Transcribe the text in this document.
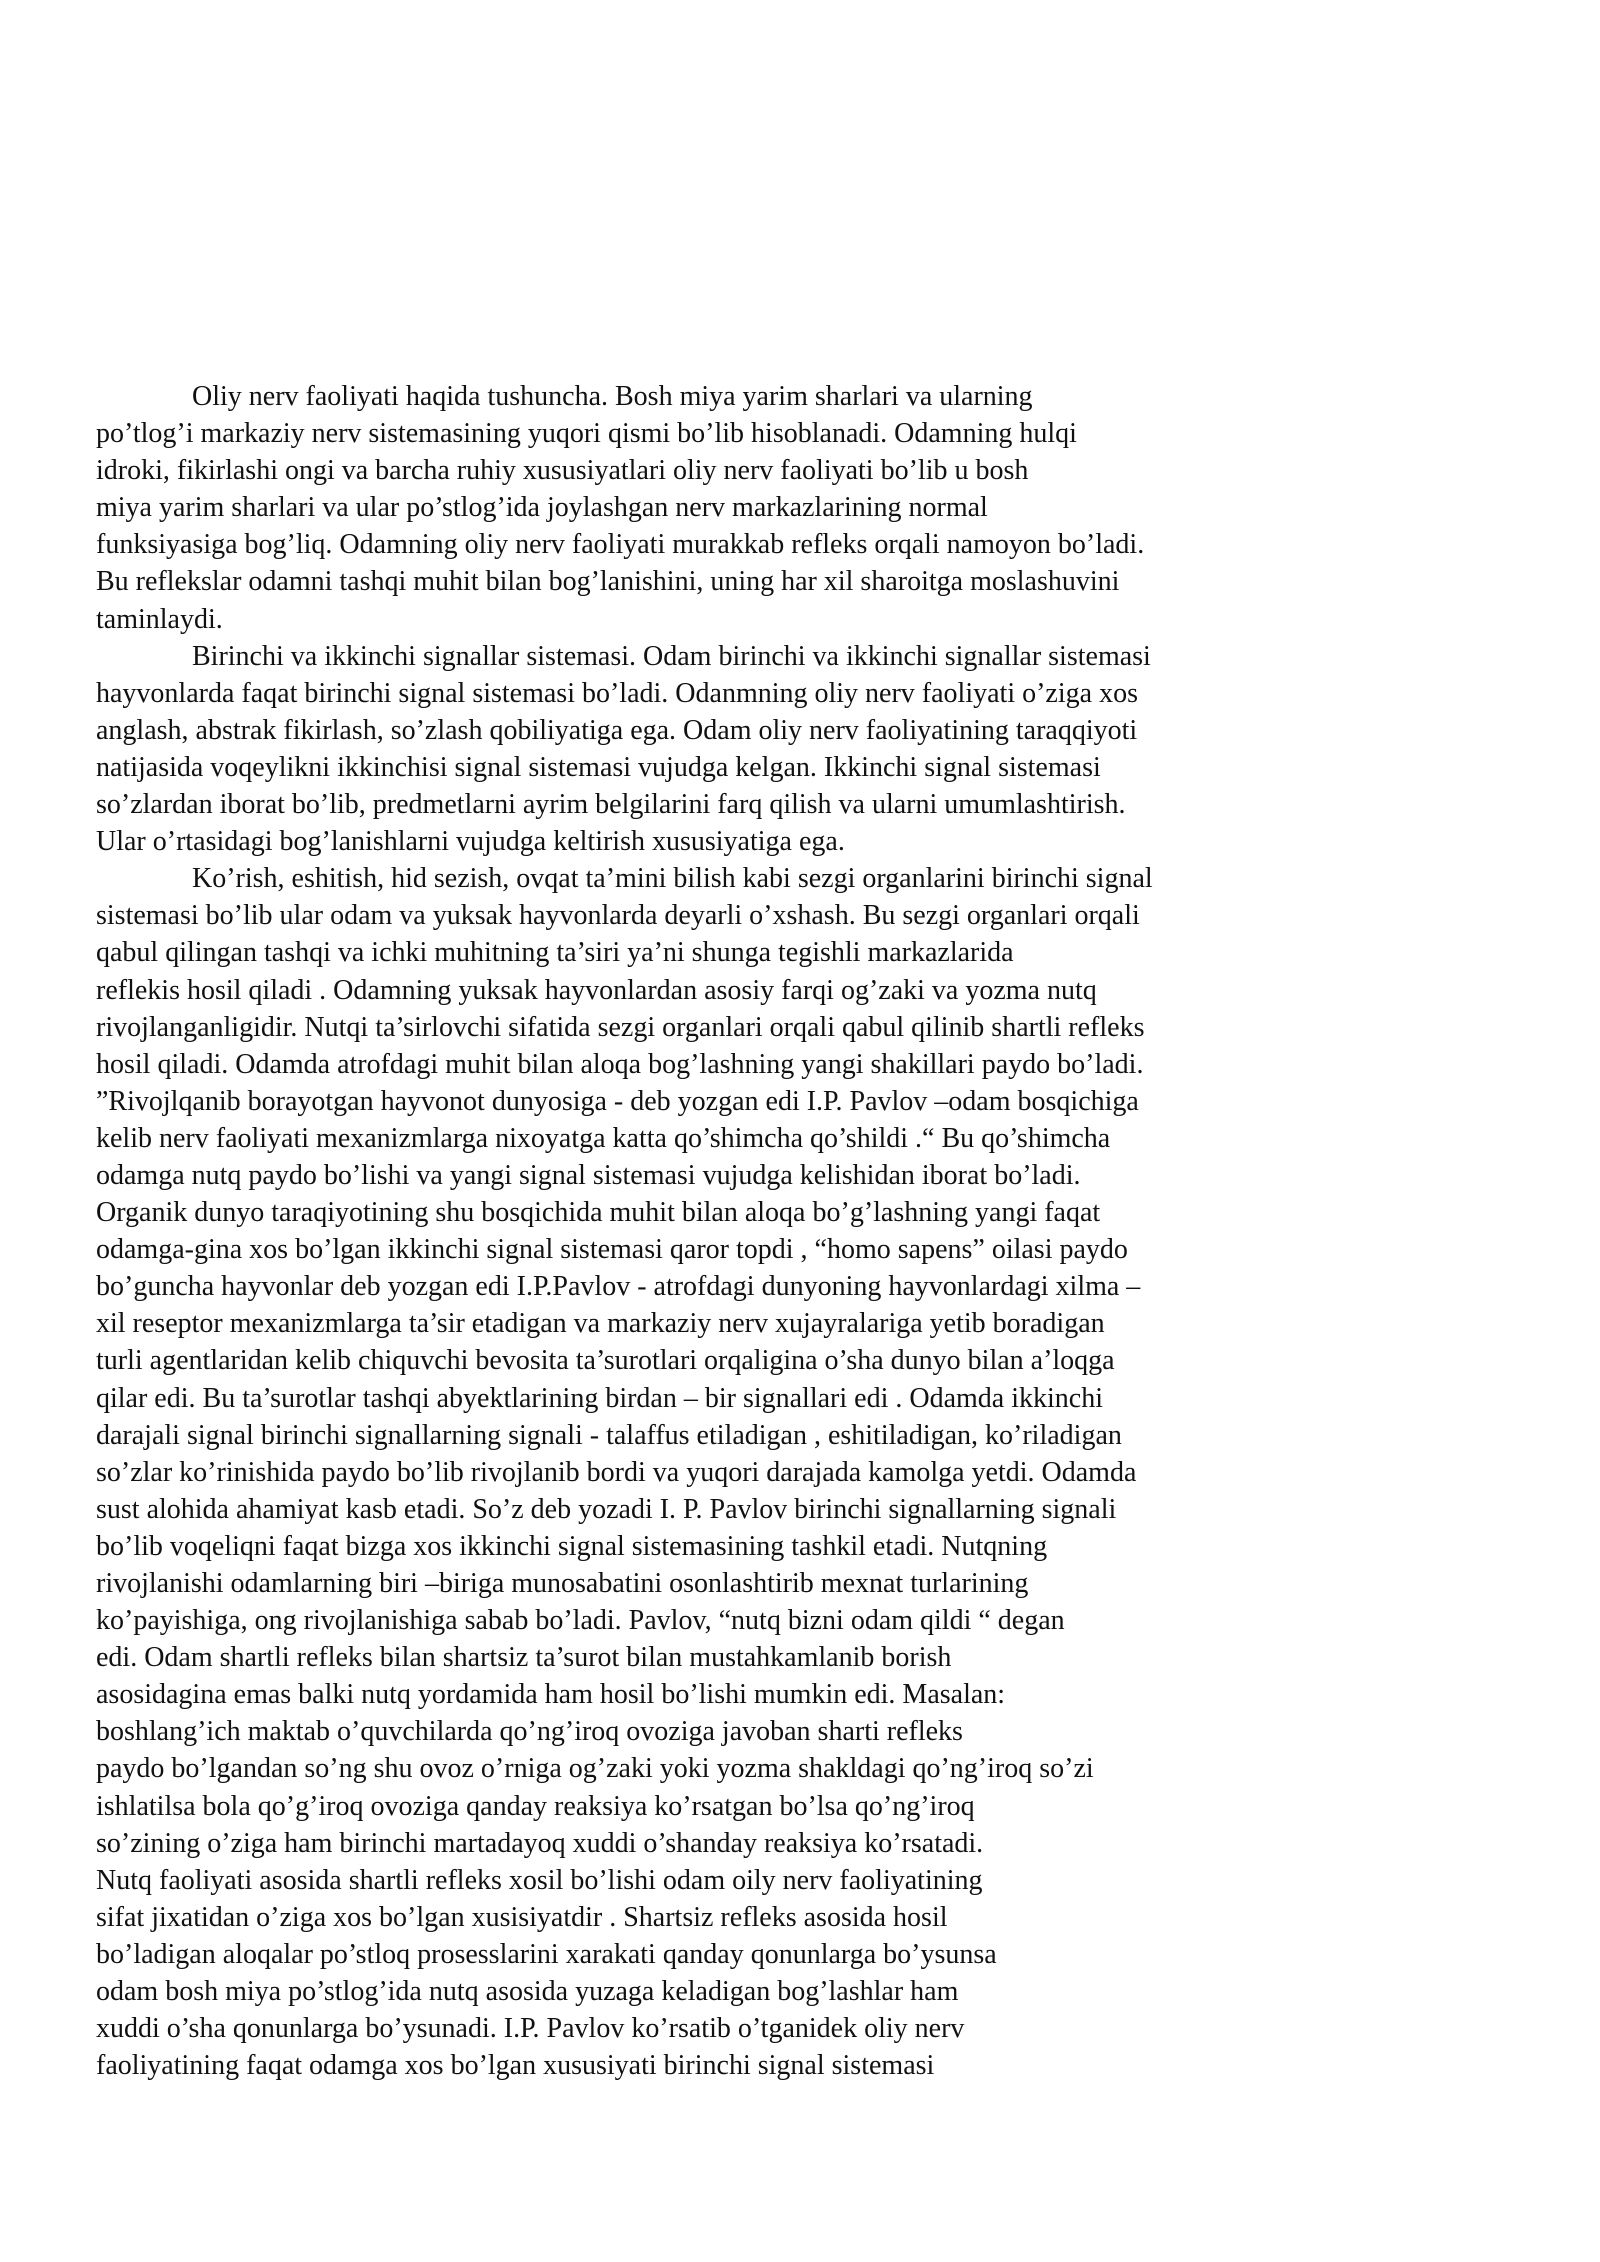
Oliy nerv faoliyati haqida tushuncha. Bosh miya yarim sharlari va ularning
po’tlog’i markaziy nerv sistemasining yuqori qismi bo’lib hisoblanadi. Odamning hulqi
idroki, fikirlashi ongi va barcha ruhiy xususiyatlari oliy nerv faoliyati bo’lib u bosh
miya yarim sharlari va ular po’stlog’ida joylashgan nerv markazlarining normal
funksiyasiga bog’liq. Odamning oliy nerv faoliyati murakkab refleks orqali namoyon bo’ladi.
Bu reflekslar odamni tashqi muhit bilan bog’lanishini, uning har xil sharoitga moslashuvini
taminlaydi.
Birinchi va ikkinchi signallar sistemasi. Odam birinchi va ikkinchi signallar sistemasi
hayvonlarda faqat birinchi signal sistemasi bo’ladi. Odanmning oliy nerv faoliyati o’ziga xos
anglash, abstrak fikirlash, so’zlash qobiliyatiga ega. Odam oliy nerv faoliyatining taraqqiyoti
natijasida voqeylikni ikkinchisi signal sistemasi vujudga kelgan. Ikkinchi signal sistemasi
so’zlardan iborat bo’lib, predmetlarni ayrim belgilarini farq qilish va ularni umumlashtirish.
Ular o’rtasidagi bog’lanishlarni vujudga keltirish xususiyatiga ega.
Ko’rish, eshitish, hid sezish, ovqat ta’mini bilish kabi sezgi organlarini birinchi signal
sistemasi bo’lib ular odam va yuksak hayvonlarda deyarli o’xshash. Bu sezgi organlari orqali
qabul qilingan tashqi va ichki muhitning ta’siri ya’ni shunga tegishli markazlarida
reflekis hosil qiladi . Odamning yuksak hayvonlardan asosiy farqi og’zaki va yozma nutq
rivojlanganligidir. Nutqi ta’sirlovchi sifatida sezgi organlari orqali qabul qilinib shartli refleks
hosil qiladi. Odamda atrofdagi muhit bilan aloqa bog’lashning yangi shakillari paydo bo’ladi.
”Rivojlqanib borayotgan hayvonot dunyosiga - deb yozgan edi I.P. Pavlov –odam bosqichiga
kelib nerv faoliyati mexanizmlarga nixoyatga katta qo’shimcha qo’shildi .“ Bu qo’shimcha
odamga nutq paydo bo’lishi va yangi signal sistemasi vujudga kelishidan iborat bo’ladi.
Organik dunyo taraqiyotining shu bosqichida muhit bilan aloqa bo’g’lashning yangi faqat
odamga-gina xos bo’lgan ikkinchi signal sistemasi qaror topdi , “homo sapens” oilasi paydo
bo’guncha hayvonlar deb yozgan edi I.P.Pavlov - atrofdagi dunyoning hayvonlardagi xilma –
xil reseptor mexanizmlarga ta’sir etadigan va markaziy nerv xujayralariga yetib boradigan
turli agentlaridan kelib chiquvchi bevosita ta’surotlari orqaligina o’sha dunyo bilan a’loqga
qilar edi. Bu ta’surotlar tashqi abyektlarining birdan – bir signallari edi . Odamda ikkinchi
darajali signal birinchi signallarning signali - talaffus etiladigan , eshitiladigan, ko’riladigan
so’zlar ko’rinishida paydo bo’lib rivojlanib bordi va yuqori darajada kamolga yetdi. Odamda
sust alohida ahamiyat kasb etadi. So’z deb yozadi I. P. Pavlov birinchi signallarning signali
bo’lib voqeliqni faqat bizga xos ikkinchi signal sistemasining tashkil etadi. Nutqning
rivojlanishi odamlarning biri –biriga munosabatini osonlashtirib mexnat turlarining
ko’payishiga, ong rivojlanishiga sabab bo’ladi. Pavlov, “nutq bizni odam qildi “ degan
edi. Odam shartli refleks bilan shartsiz ta’surot bilan mustahkamlanib borish
asosidagina emas balki nutq yordamida ham hosil bo’lishi mumkin edi. Masalan:
boshlang’ich maktab o’quvchilarda qo’ng’iroq ovoziga javoban sharti refleks
paydo bo’lgandan so’ng shu ovoz o’rniga og’zaki yoki yozma shakldagi qo’ng’iroq so’zi
ishlatilsa bola qo’g’iroq ovoziga qanday reaksiya ko’rsatgan bo’lsa qo’ng’iroq
so’zining o’ziga ham birinchi martadayoq xuddi o’shanday reaksiya ko’rsatadi.
Nutq faoliyati asosida shartli refleks xosil bo’lishi odam oily nerv faoliyatining
sifat jixatidan o’ziga xos bo’lgan xusisiyatdir . Shartsiz refleks asosida hosil
bo’ladigan aloqalar po’stloq prosesslarini xarakati qanday qonunlarga bo’ysunsa
odam bosh miya po’stlog’ida nutq asosida yuzaga keladigan bog’lashlar ham
xuddi o’sha qonunlarga bo’ysunadi. I.P. Pavlov ko’rsatib o’tganidek oliy nerv
faoliyatining faqat odamga xos bo’lgan xususiyati birinchi signal sistemasi
